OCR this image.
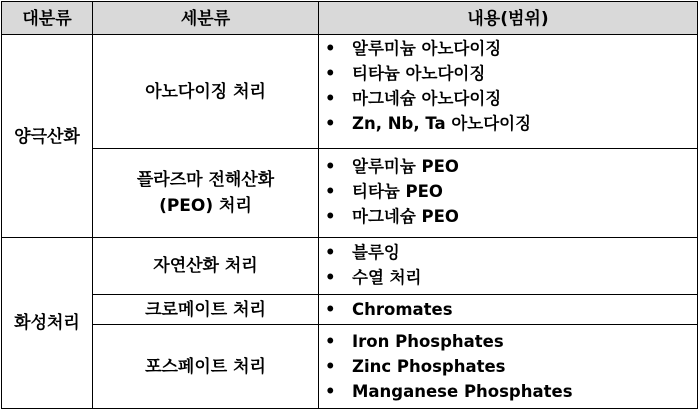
대분류	세분류	내용(범위)
양극산화
화성처리
아노다이징 처리
플라즈마 전해산화
(PEO) 처리
자연산화 처리
크로메이트 처리
포스페이트 처리
• 알루미늄 아노다이징
• 티타늄 아노다이징
• 마그네슘 아노다이징
• Zn, Nb, Ta 아노다이징
• 알루미늄 PEO
• 티타늄 PEO
• 마그네슘 PEO
• 블루잉
• 수열 처리
• Chromates
• Iron Phosphates
• Zinc Phosphates
• Manganese Phosphates
